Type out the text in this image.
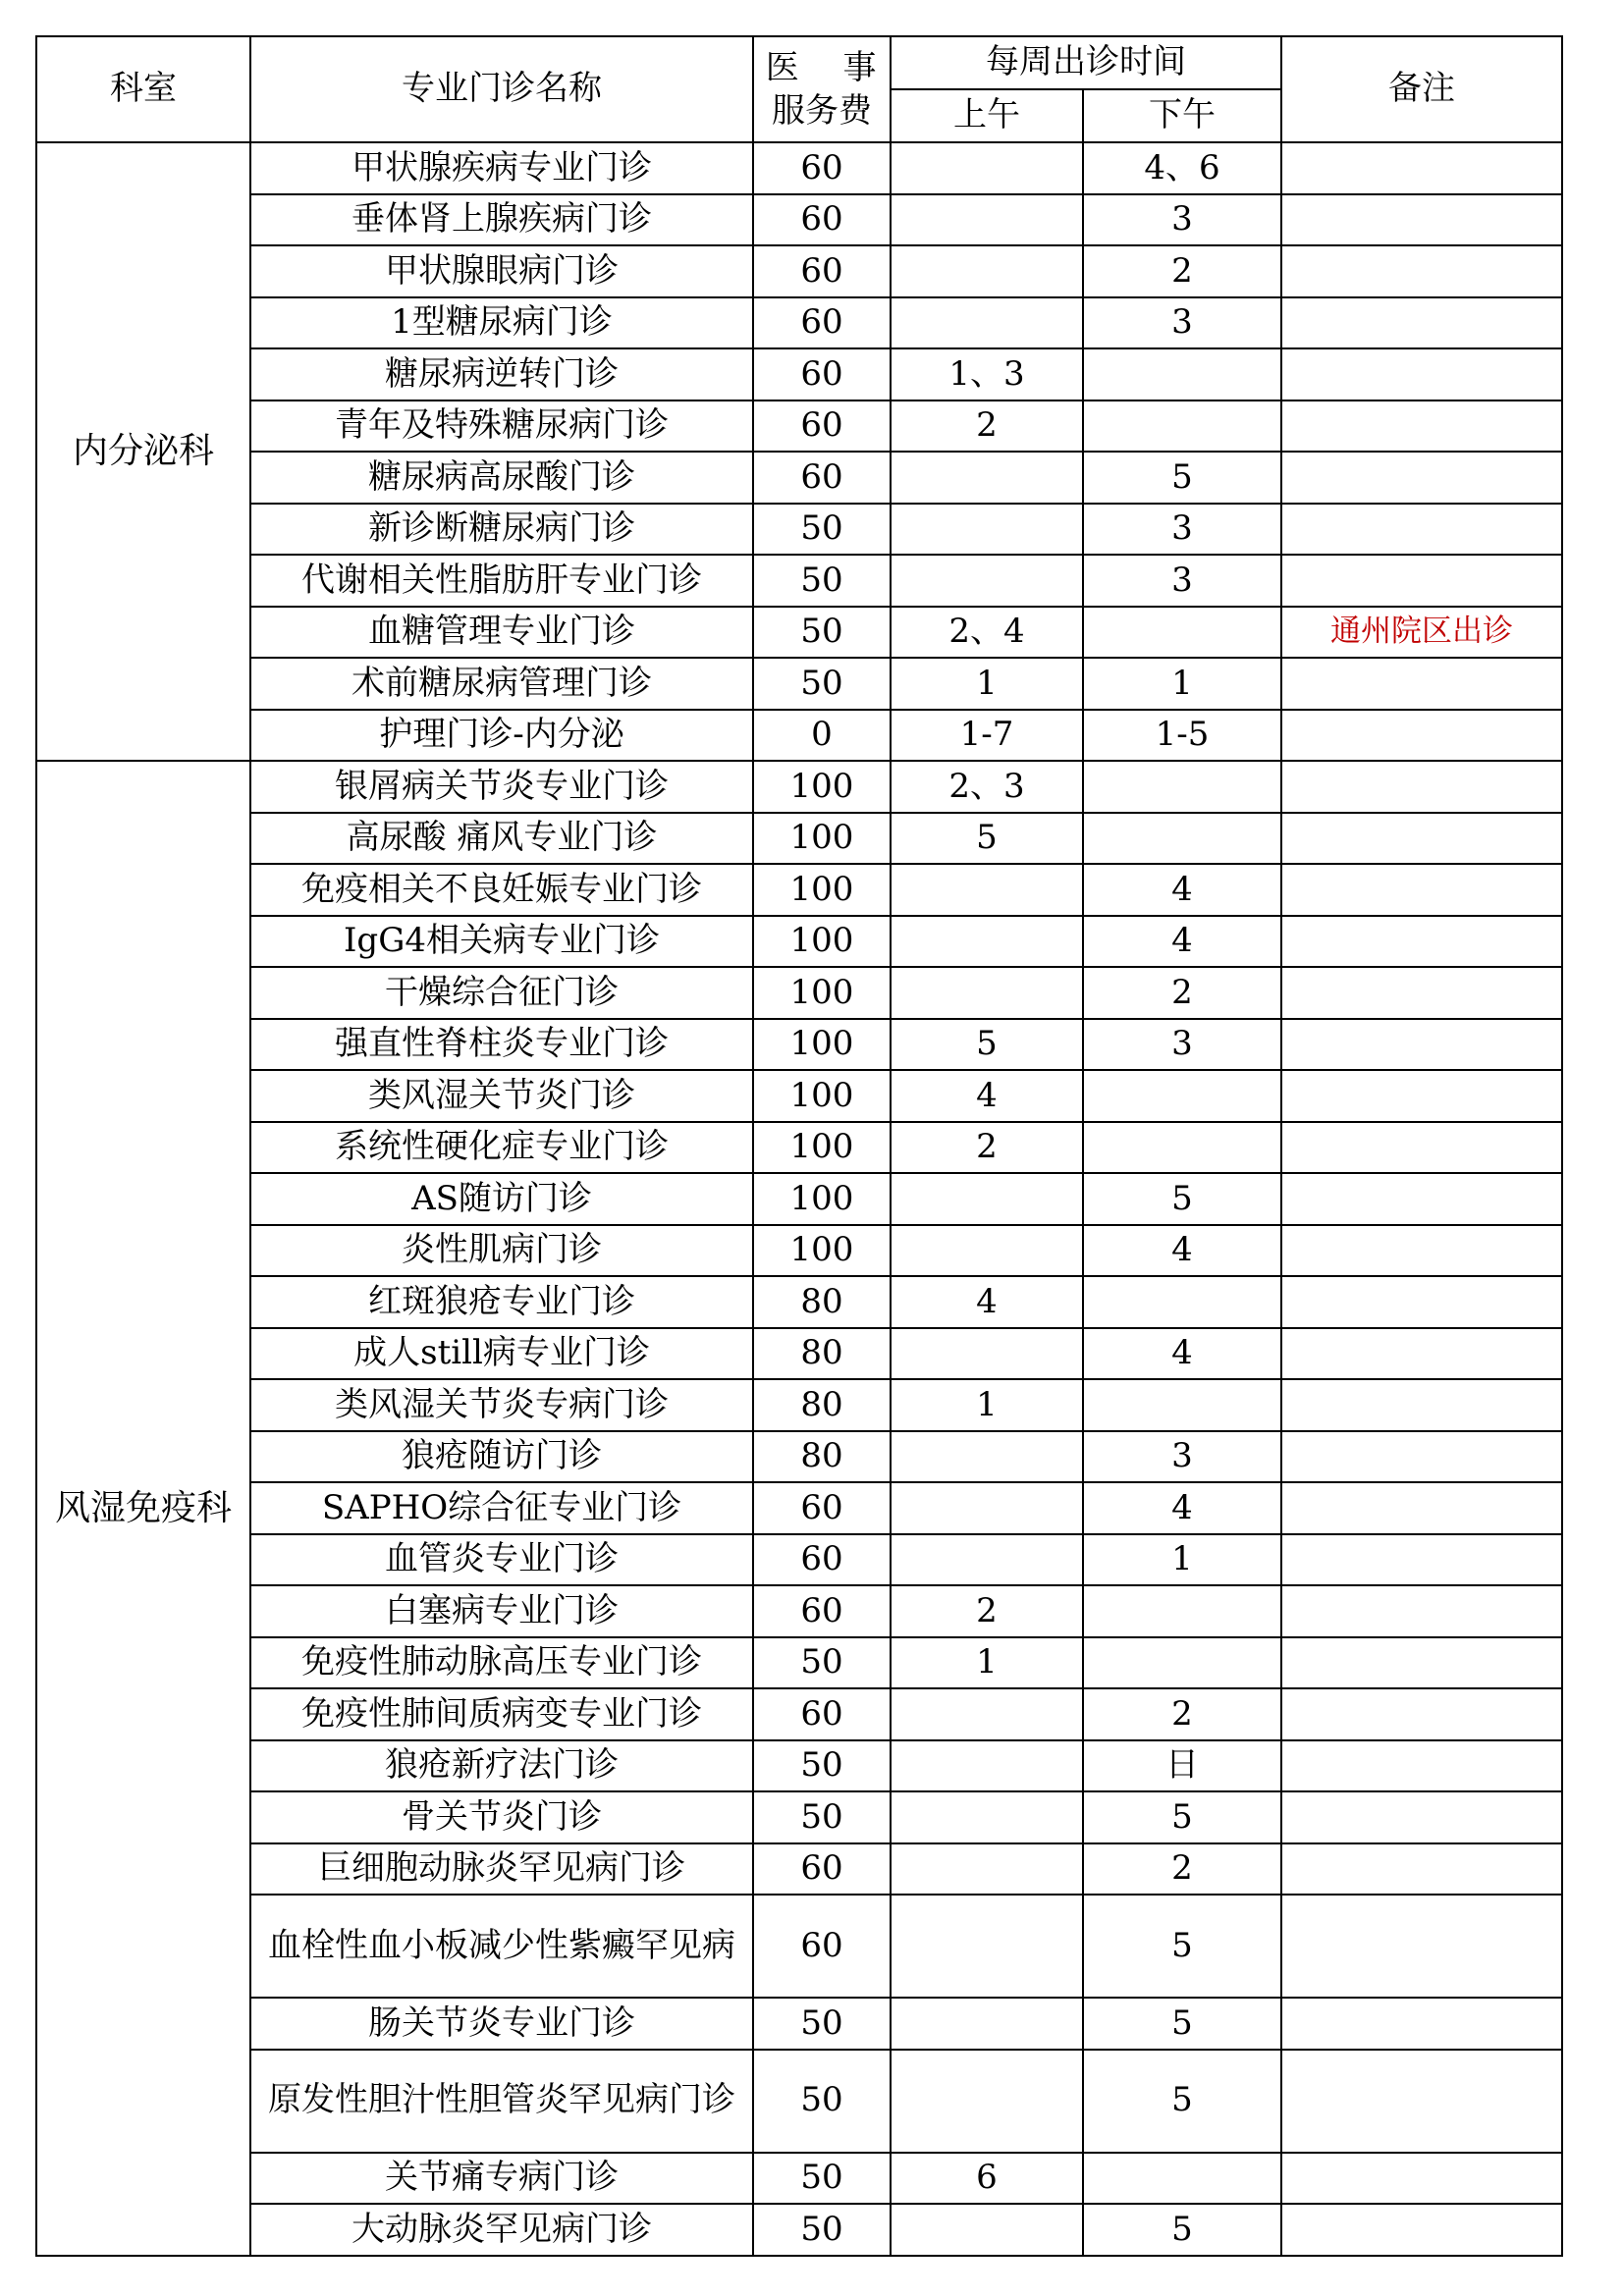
科室	专业门诊名称	医 事
服务费	每周出诊时间		备注
			上午	下午	
内分泌科	甲状腺疾病专业门诊	60		4、6	
	垂体肾上腺疾病门诊	60		3	
	甲状腺眼病门诊	60		2	
	1型糖尿病门诊	60		3	
	糖尿病逆转门诊	60	1、3		
	青年及特殊糖尿病门诊	60	2		
	糖尿病高尿酸门诊	60		5	
	新诊断糖尿病门诊	50		3	
	代谢相关性脂肪肝专业门诊	50		3	
	血糖管理专业门诊	50	2、4		通州院区出诊
	术前糖尿病管理门诊	50	1	1	
	护理门诊-内分泌	0	1-7	1-5	
风湿免疫科	银屑病关节炎专业门诊	100	2、3		
	高尿酸 痛风专业门诊	100	5		
	免疫相关不良妊娠专业门诊	100		4	
	IgG4相关病专业门诊	100		4	
	干燥综合征门诊	100		2	
	强直性脊柱炎专业门诊	100	5	3	
	类风湿关节炎门诊	100	4		
	系统性硬化症专业门诊	100	2		
	AS随访门诊	100		5	
	炎性肌病门诊	100		4	
	红斑狼疮专业门诊	80	4		
	成人still病专业门诊	80		4	
	类风湿关节炎专病门诊	80	1		
	狼疮随访门诊	80		3	
	SAPHO综合征专业门诊	60		4	
	血管炎专业门诊	60		1	
	白塞病专业门诊	60	2		
	免疫性肺动脉高压专业门诊	50	1		
	免疫性肺间质病变专业门诊	60		2	
	狼疮新疗法门诊	50		日	
	骨关节炎门诊	50		5	
	巨细胞动脉炎罕见病门诊	60		2	
	血栓性血小板减少性紫癜罕见病	60		5	
	肠关节炎专业门诊	50		5	
	原发性胆汁性胆管炎罕见病门诊	50		5	
	关节痛专病门诊	50	6		
	大动脉炎罕见病门诊	50		5	
